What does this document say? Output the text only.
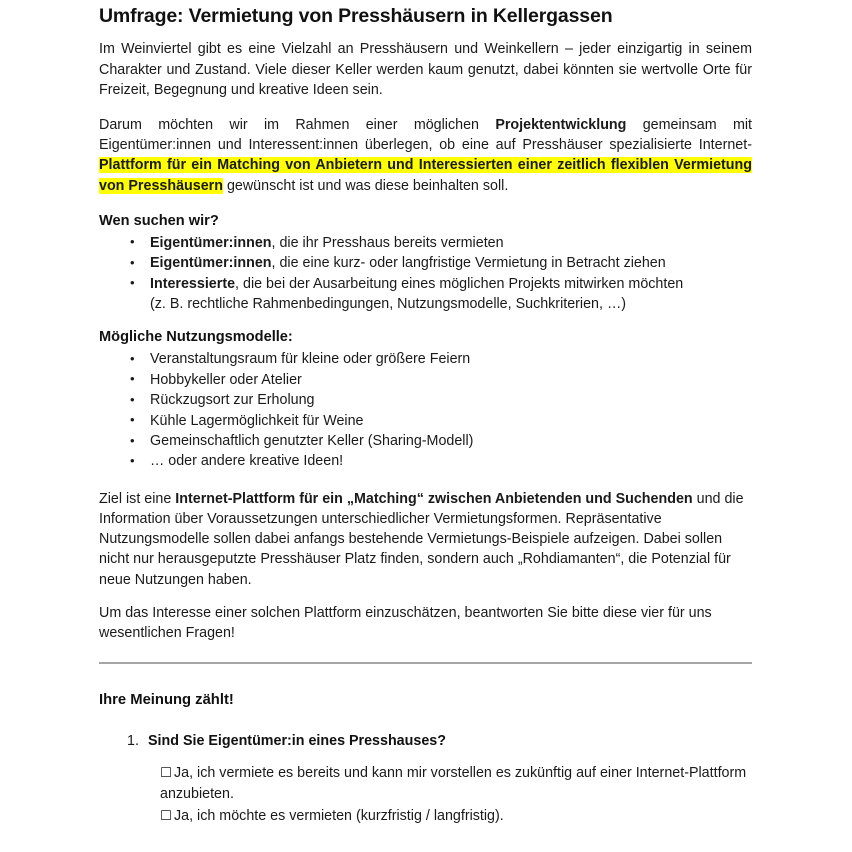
Umfrage: Vermietung von Presshäusern in Kellergassen

Im Weinviertel gibt es eine Vielzahl an Presshäusern und Weinkellern – jeder einzigartig in seinem Charakter und Zustand. Viele dieser Keller werden kaum genutzt, dabei könnten sie wertvolle Orte für Freizeit, Begegnung und kreative Ideen sein.

Darum möchten wir im Rahmen einer möglichen Projektentwicklung gemeinsam mit Eigentümer:innen und Interessent:innen überlegen, ob eine auf Presshäuser spezialisierte Internet-Plattform für ein Matching von Anbietern und Interessierten einer zeitlich flexiblen Vermietung von Presshäusern gewünscht ist und was diese beinhalten soll.

Wen suchen wir?
• Eigentümer:innen, die ihr Presshaus bereits vermieten
• Eigentümer:innen, die eine kurz- oder langfristige Vermietung in Betracht ziehen
• Interessierte, die bei der Ausarbeitung eines möglichen Projekts mitwirken möchten
(z. B. rechtliche Rahmenbedingungen, Nutzungsmodelle, Suchkriterien, …)
Mögliche Nutzungsmodelle:
• Veranstaltungsraum für kleine oder größere Feiern
• Hobbykeller oder Atelier
• Rückzugsort zur Erholung
• Kühle Lagermöglichkeit für Weine
• Gemeinschaftlich genutzter Keller (Sharing-Modell)
• … oder andere kreative Ideen!

Ziel ist eine Internet-Plattform für ein „Matching“ zwischen Anbietenden und Suchenden und die Information über Voraussetzungen unterschiedlicher Vermietungsformen. Repräsentative Nutzungsmodelle sollen dabei anfangs bestehende Vermietungs-Beispiele aufzeigen. Dabei sollen nicht nur herausgeputzte Presshäuser Platz finden, sondern auch „Rohdiamanten“, die Potenzial für neue Nutzungen haben.

Um das Interesse einer solchen Plattform einzuschätzen, beantworten Sie bitte diese vier für uns wesentlichen Fragen!

Ihre Meinung zählt!
1. Sind Sie Eigentümer:in eines Presshauses?
☐ Ja, ich vermiete es bereits und kann mir vorstellen es zukünftig auf einer Internet-Plattform anzubieten.
☐ Ja, ich möchte es vermieten (kurzfristig / langfristig).
